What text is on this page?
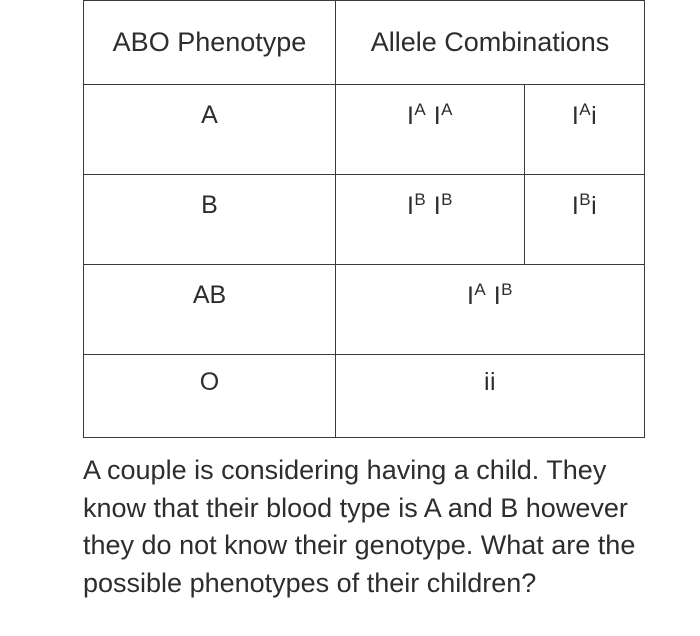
ABO Phenotype	Allele Combinations	

A	$I^A$ $I^A$	$I^Ai$

B	$I^B$ $I^B$	$I^Bi$

AB	$I^A$ $I^B$

O	ii	

A couple is considering having a child. They know that their blood type is A and B however they do not know their genotype. What are the possible phenotypes of their children?
